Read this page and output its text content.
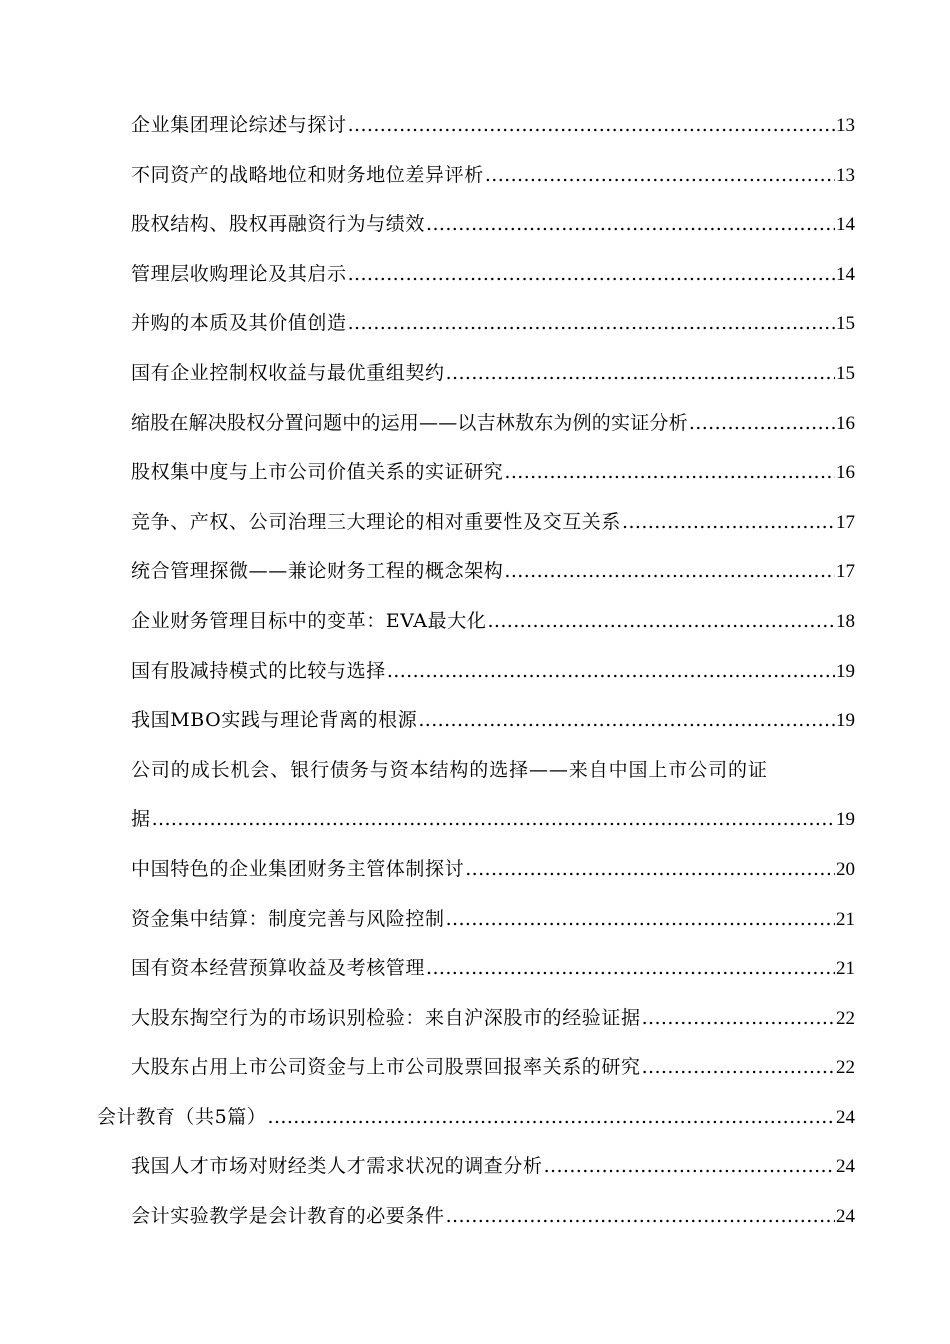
企业集团理论综述与探讨 .....	13
不同资产的战略地位和财务地位差异评析 .....	13
股权结构、股权再融资行为与绩效 .....	14
管理层收购理论及其启示 .....	14
并购的本质及其价值创造 .....	15
国有企业控制权收益与最优重组契约 .....	15
缩股在解决股权分置问题中的运用——以吉林敖东为例的实证分析 .....	16
股权集中度与上市公司价值关系的实证研究 .....	16
竞争、产权、公司治理三大理论的相对重要性及交互关系 .....	17
统合管理探微——兼论财务工程的概念架构 .....	17
企业财务管理目标中的变革：EVA最大化 .....	18
国有股减持模式的比较与选择 .....	19
我国MBO实践与理论背离的根源 .....	19
公司的成长机会、银行债务与资本结构的选择——来自中国上市公司的证
据 .....	19
中国特色的企业集团财务主管体制探讨 .....	20
资金集中结算：制度完善与风险控制 .....	21
国有资本经营预算收益及考核管理 .....	21
大股东掏空行为的市场识别检验：来自沪深股市的经验证据 .....	22
大股东占用上市公司资金与上市公司股票回报率关系的研究 .....	22
会计教育（共5篇） .....	24
我国人才市场对财经类人才需求状况的调查分析 .....	24
会计实验教学是会计教育的必要条件 .....	24
